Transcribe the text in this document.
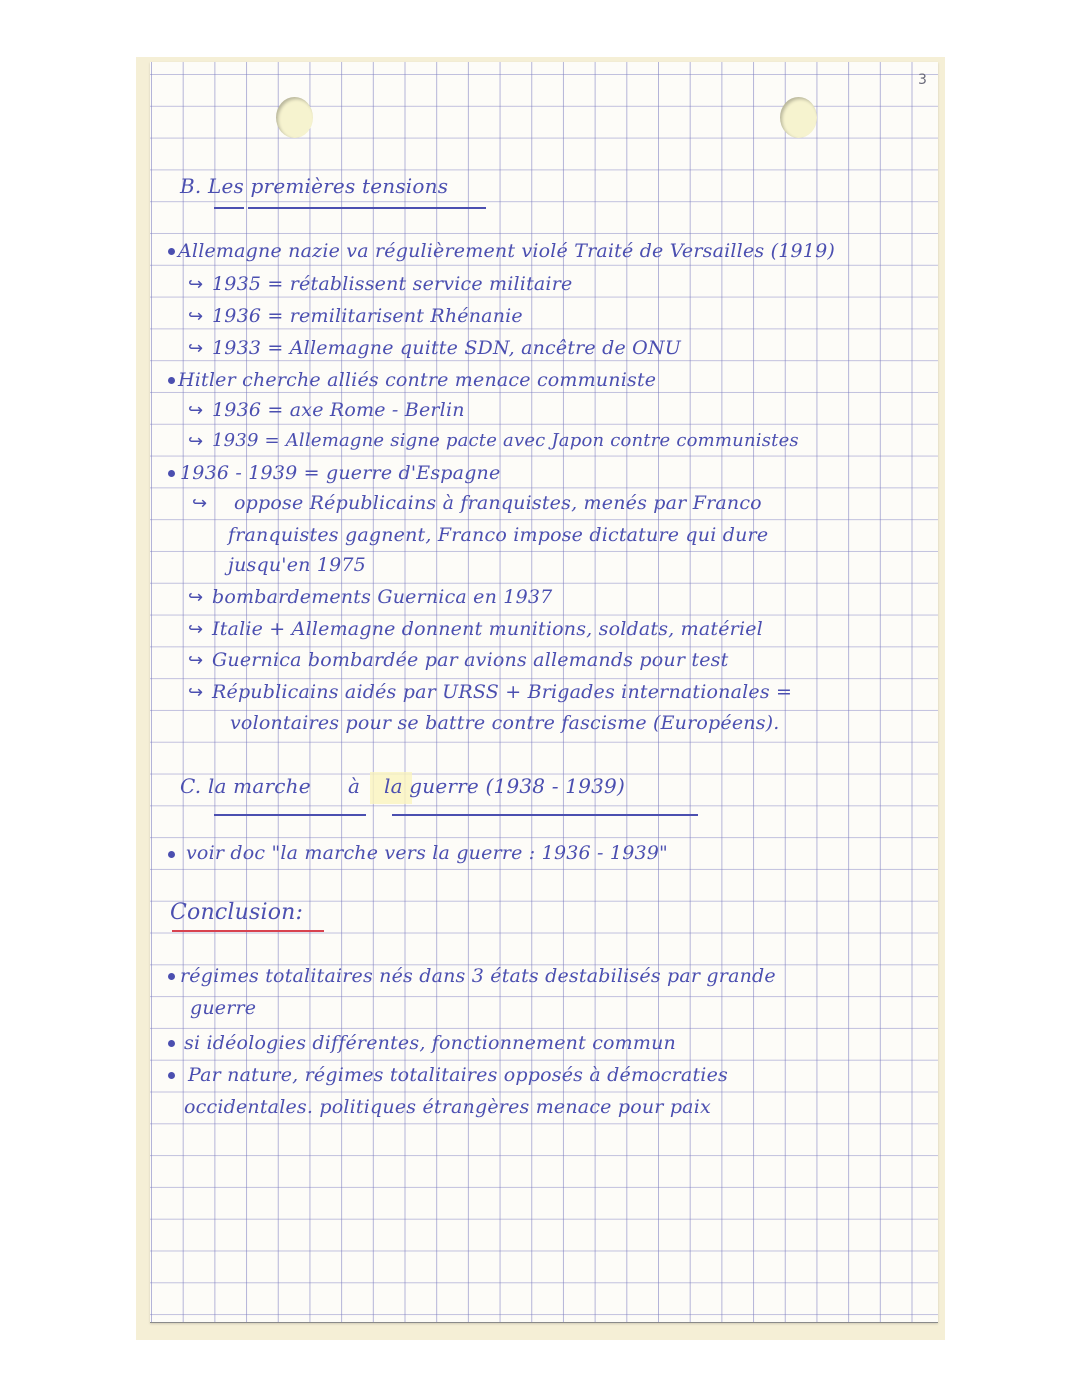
3
B. Les premières tensions
Allemagne nazie va régulièrement violé Traité de Versailles (1919)
↪ 1935 = rétablissent service militaire
↪ 1936 = remilitarisent Rhénanie
↪ 1933 = Allemagne quitte SDN, ancêtre de ONU
Hitler cherche alliés contre menace communiste
↪ 1936 = axe Rome - Berlin
↪ 1939 = Allemagne signe pacte avec Japon contre communistes
1936 - 1939 = guerre d'Espagne
↪ oppose Républicains à franquistes, menés par Franco
franquistes gagnent, Franco impose dictature qui dure
jusqu'en 1975
↪ bombardements Guernica en 1937
↪ Italie + Allemagne donnent munitions, soldats, matériel
↪ Guernica bombardée par avions allemands pour test
↪ Républicains aidés par URSS + Brigades internationales =
volontaires pour se battre contre fascisme (Européens).
C. la marche à la guerre (1938 - 1939)
voir doc "la marche vers la guerre : 1936 - 1939"
Conclusion:
régimes totalitaires nés dans 3 états destabilisés par grande
guerre
si idéologies différentes, fonctionnement commun
Par nature, régimes totalitaires opposés à démocraties
occidentales. politiques étrangères menace pour paix
